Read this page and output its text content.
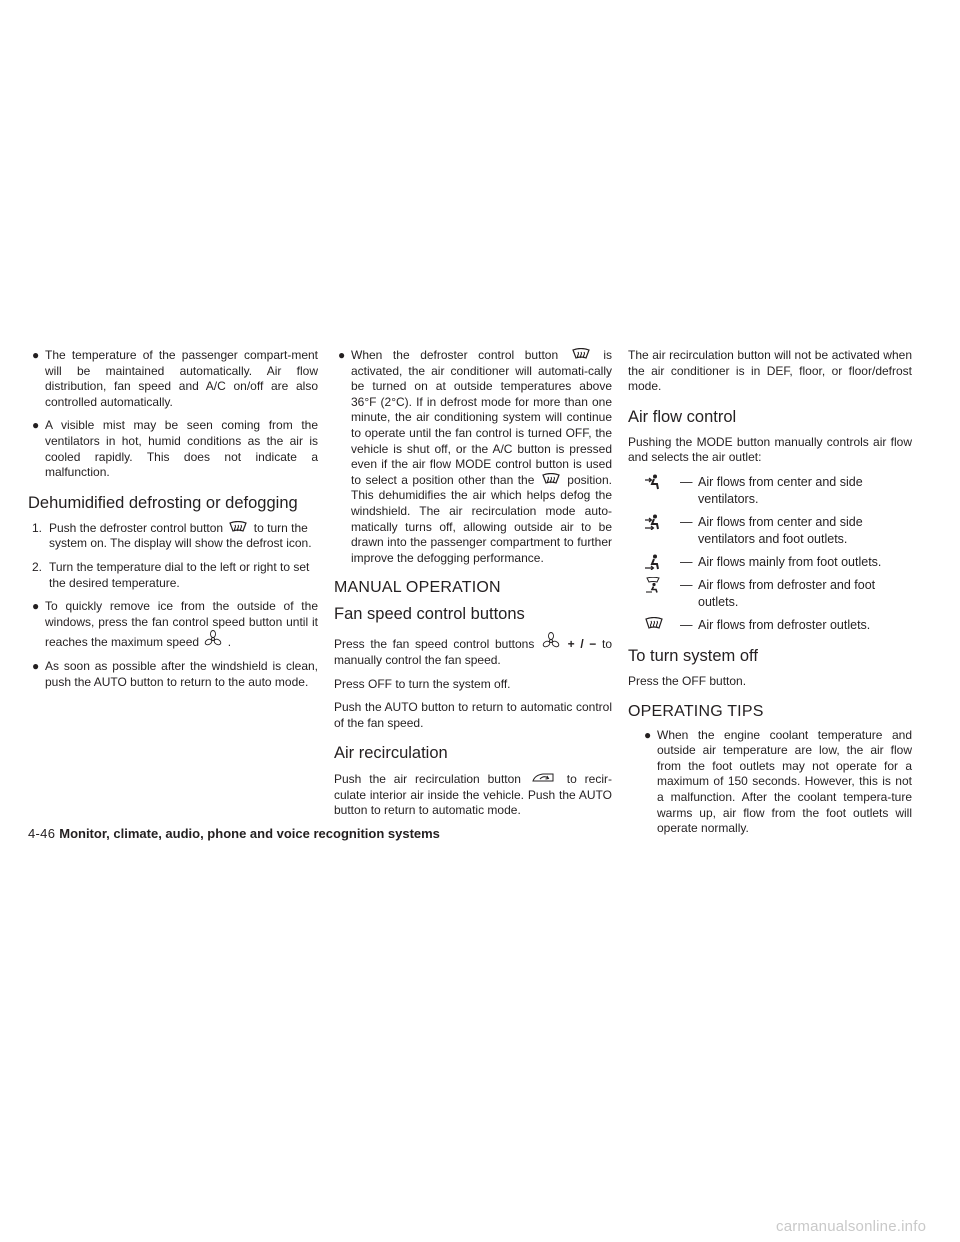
● The temperature of the passenger compart-ment will be maintained automatically. Air flow distribution, fan speed and A/C on/off are also controlled automatically.
● A visible mist may be seen coming from the ventilators in hot, humid conditions as the air is cooled rapidly. This does not indicate a malfunction.
Dehumidified defrosting or defogging
1. Push the defroster control button	to turn the system on. The display will show the defrost icon.
2. Turn the temperature dial to the left or right to set the desired temperature.
● To quickly remove ice from the outside of the windows, press the fan control speed button until it reaches the maximum speed .
● As soon as possible after the windshield is clean, push the AUTO button to return to the auto mode.
● When the defroster control button	is activated, the air conditioner will automati-cally be turned on at outside temperatures above 36°F (2°C). If in defrost mode for more than one minute, the air conditioning system will continue to operate until the fan control is turned OFF, the vehicle is shut off, or the A/C button is pressed even if the air flow MODE control button is used to select a position other than the	position. This dehumidifies the air which helps defog the windshield. The air recirculation mode auto-matically turns off, allowing outside air to be drawn into the passenger compartment to further improve the defogging performance.
MANUAL OPERATION
Fan speed control buttons
Press the fan speed control buttons	+ / − to manually control the fan speed.
Press OFF to turn the system off.
Push the AUTO button to return to automatic control of the fan speed.
Air recirculation
Push the air recirculation button	to recir-culate interior air inside the vehicle. Push the AUTO button to return to automatic mode.
The air recirculation button will not be activated when the air conditioner is in DEF, floor, or floor/defrost mode.
Air flow control
Pushing the MODE button manually controls air flow and selects the air outlet:
— Air flows from center and side ventilators.
— Air flows from center and side ventilators and foot outlets.
— Air flows mainly from foot outlets.
— Air flows from defroster and foot outlets.
— Air flows from defroster outlets.
To turn system off
Press the OFF button.
OPERATING TIPS
● When the engine coolant temperature and outside air temperature are low, the air flow from the foot outlets may not operate for a maximum of 150 seconds. However, this is not a malfunction. After the coolant tempera-ture warms up, air flow from the foot outlets will operate normally.
4-46 Monitor, climate, audio, phone and voice recognition systems
carmanualsonline.info
